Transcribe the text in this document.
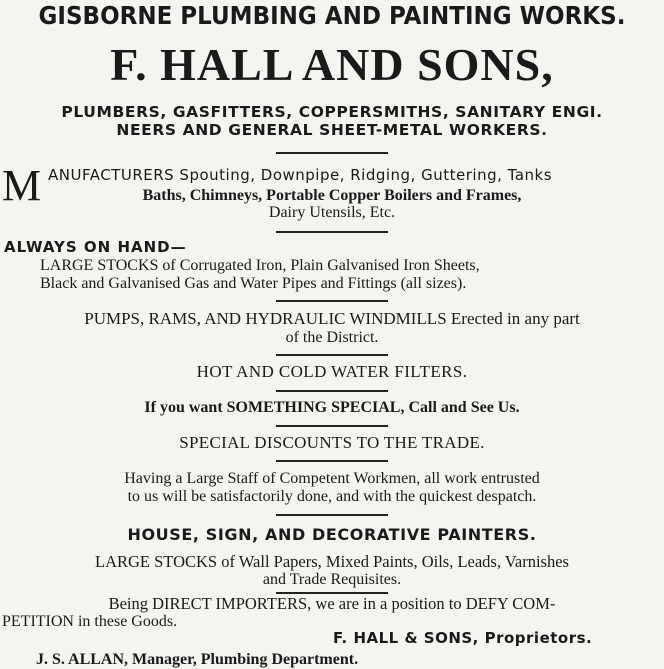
GISBORNE PLUMBING AND PAINTING WORKS.
F. HALL AND SONS,
PLUMBERS, GASFITTERS, COPPERSMITHS, SANITARY ENGI.
NEERS AND GENERAL SHEET-METAL WORKERS.
M ANUFACTURERS Spouting, Downpipe, Ridging, Guttering, Tanks
Baths, Chimneys, Portable Copper Boilers and Frames,
Dairy Utensils, Etc.
ALWAYS ON HAND—
LARGE STOCKS of Corrugated Iron, Plain Galvanised Iron Sheets,
Black and Galvanised Gas and Water Pipes and Fittings (all sizes).
PUMPS, RAMS, AND HYDRAULIC WINDMILLS Erected in any part
of the District.
HOT AND COLD WATER FILTERS.
If you want SOMETHING SPECIAL, Call and See Us.
SPECIAL DISCOUNTS TO THE TRADE.
Having a Large Staff of Competent Workmen, all work entrusted
to us will be satisfactorily done, and with the quickest despatch.
HOUSE, SIGN, AND DECORATIVE PAINTERS.
LARGE STOCKS of Wall Papers, Mixed Paints, Oils, Leads, Varnishes
and Trade Requisites.
Being DIRECT IMPORTERS, we are in a position to DEFY COM-
PETITION in these Goods.
F. HALL & SONS, Proprietors.
J. S. ALLAN, Manager, Plumbing Department.
